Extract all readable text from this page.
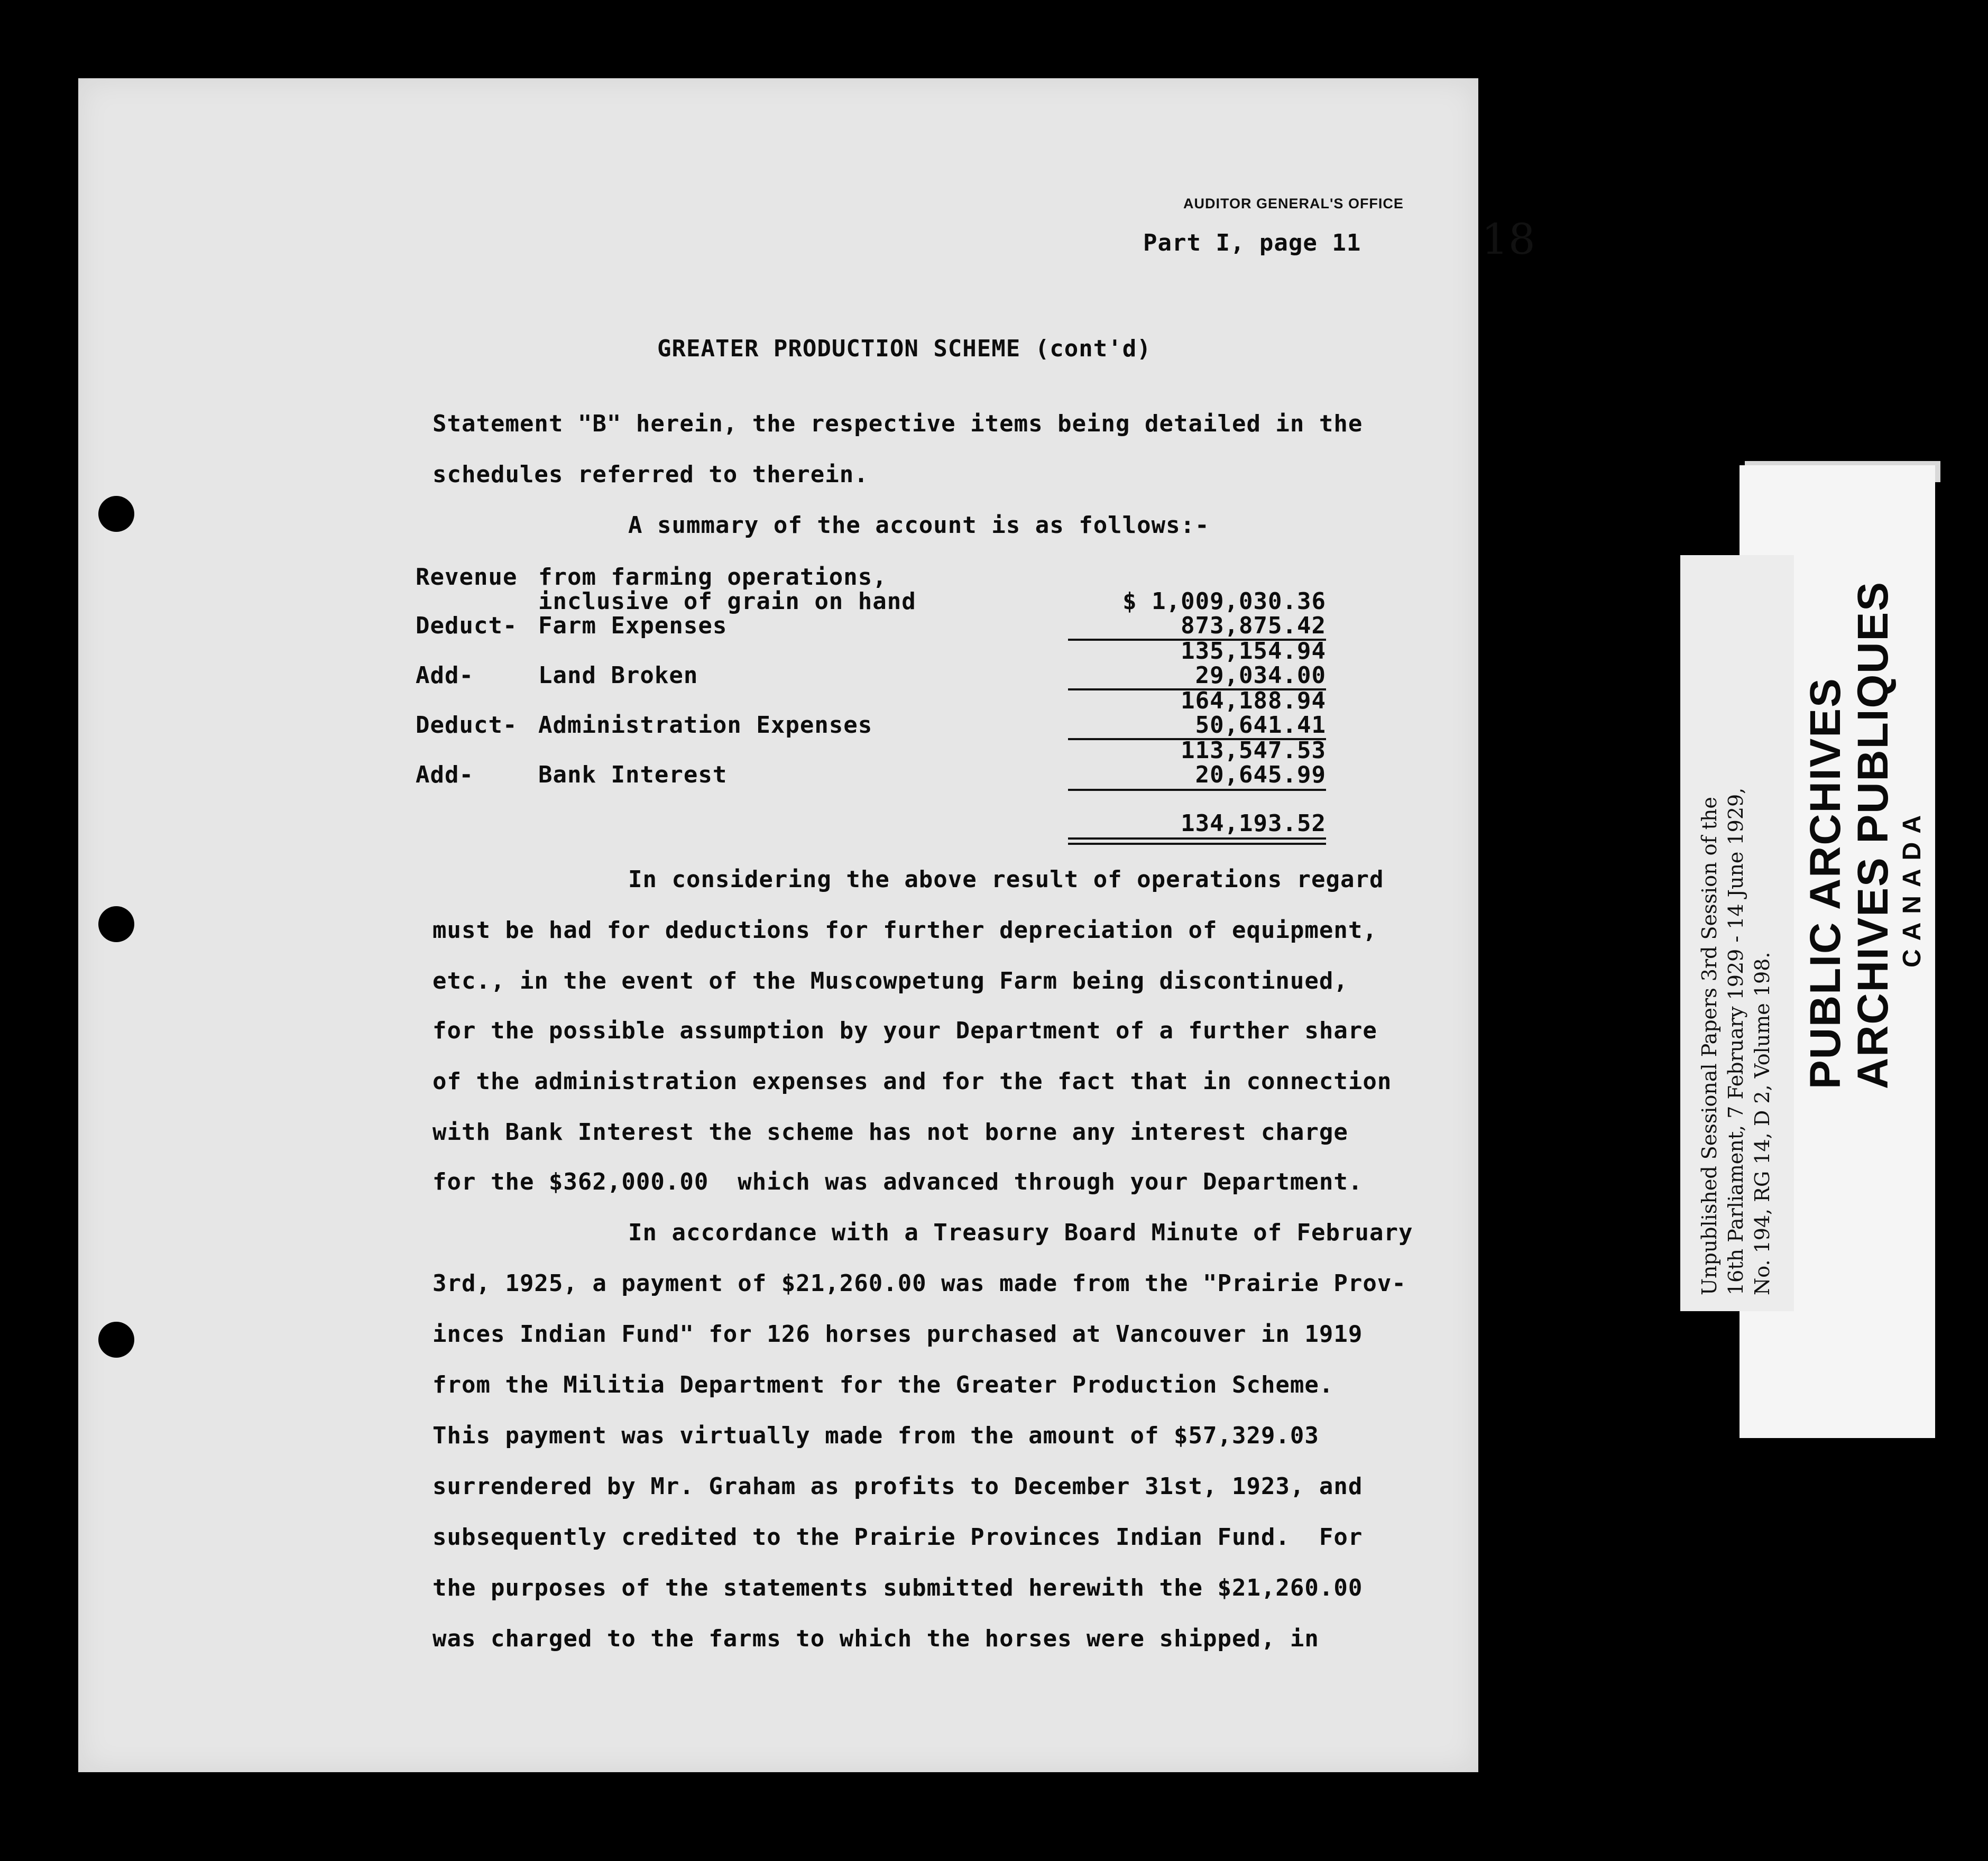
AUDITOR GENERAL'S OFFICE
Part I, page 11	18
GREATER PRODUCTION SCHEME (cont'd)
Statement "B" herein, the respective items being detailed in the
schedules referred to therein.
A summary of the account is as follows:-
Revenue from farming operations,
inclusive of grain on hand	$ 1,009,030.36
Deduct- Farm Expenses	873,875.42
135,154.94
Add-	Land Broken	29,034.00
164,188.94
Deduct- Administration Expenses	50,641.41
113,547.53
Add-	Bank Interest	20,645.99
134,193.52
In considering the above result of operations regard
must be had for deductions for further depreciation of equipment,
etc., in the event of the Muscowpetung Farm being discontinued,
for the possible assumption by your Department of a further share
of the administration expenses and for the fact that in connection
with Bank Interest the scheme has not borne any interest charge
for the $362,000.00  which was advanced through your Department.
In accordance with a Treasury Board Minute of February
3rd, 1925, a payment of $21,260.00 was made from the "Prairie Prov-
inces Indian Fund" for 126 horses purchased at Vancouver in 1919
from the Militia Department for the Greater Production Scheme.
This payment was virtually made from the amount of $57,329.03
surrendered by Mr. Graham as profits to December 31st, 1923, and
subsequently credited to the Prairie Provinces Indian Fund.  For
the purposes of the statements submitted herewith the $21,260.00
was charged to the farms to which the horses were shipped, in
PUBLIC ARCHIVES ARCHIVES PUBLIQUES CANADA
Unpublished Sessional Papers 3rd Session of the 16th Parliament, 7 February 1929 - 14 June 1929, No. 194, RG 14, D 2, Volume 198.
